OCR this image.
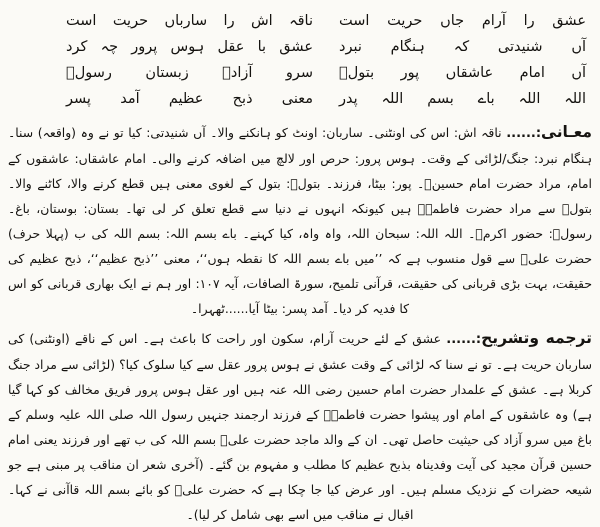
عشق را آرام جاں حریت است
ناقہ اش را سارباں حریت است
آں شنیدتی کہ ہنگام نبرد
عشق با عقل ہوس پرور چہ کرد
آں امام عاشقاں پور بتولؓ
سرو آزادے زبستان رسولؐ
اللہ اللہ باے بسم اللہ پدر
معنی ذبح عظیم آمد پسر

معـانی:...... ناقہ اش: اس کی اونٹنی۔ ساربان: اونٹ کو ہانکنے والا۔ آں شنیدتی: کیا تو نے وہ (واقعہ) سنا۔ ہنگام نبرد: جنگ/لڑائی کے وقت۔ ہوس پرور: حرص اور لالچ میں اضافہ کرنے والی۔ امام عاشقاں: عاشقوں کے امام، مراد حضرت امام حسینؓ۔ پور: بیٹا، فرزند۔ بتولؓ: بتول کے لغوی معنی ہیں قطع کرنے والا، کاٹنے والا۔ بتولؓ سے مراد حضرت فاطمہؓ ہیں کیونکہ انہوں نے دنیا سے قطع تعلق کر لی تھا۔ بستان: بوستان، باغ۔ رسولؐ: حضور اکرمؐ۔ اللہ اللہ: سبحان اللہ، واہ واہ، کیا کہنے۔ باے بسم اللہ: بسم اللہ کی ب (پہلا حرف) حضرت علیؓ سے قول منسوب ہے کہ ’’میں باے بسم اللہ کا نقطہ ہوں‘‘، معنی ’’ذبح عظیم‘‘، ذبح عظیم کی حقیقت، بہت بڑی قربانی کی حقیقت، قرآنی تلمیح، سورۃ الصافات، آیہ ۱۰۷: اور ہم نے ایک بھاری قربانی کو اس کا فدیہ کر دیا۔ آمد پسر: بیٹا آیا......ٹھہرا۔

ترجمه وتشریح:...... عشق کے لئے حریت آرام، سکون اور راحت کا باعث ہے۔ اس کے ناقے (اونٹنی) کی ساربان حریت ہے۔ تو نے سنا کہ لڑائی کے وقت عشق نے ہوس پرور عقل سے کیا سلوک کیا؟ (لڑائی سے مراد جنگ کربلا ہے۔ عشق کے علمدار حضرت امام حسین رضی اللہ عنہ ہیں اور عقل ہوس پرور فریق مخالف کو کہا گیا ہے) وہ عاشقوں کے امام اور پیشوا حضرت فاطمہؓ کے فرزند ارجمند جنہیں رسول اللہ صلی اللہ علیہ وسلم کے باغ میں سرو آزاد کی حیثیت حاصل تھی۔ ان کے والد ماجد حضرت علیؓ بسم اللہ کی ب تھے اور فرزند یعنی امام حسین قرآن مجید کی آیت وفدیناہ بذبح عظیم کا مطلب و مفہوم بن گئے۔ (آخری شعر ان مناقب پر مبنی ہے جو شیعہ حضرات کے نزدیک مسلم ہیں۔ اور عرض کیا جا چکا ہے کہ حضرت علیؓ کو بائے بسم اللہ قاآنی نے کہا۔ اقبال نے مناقب میں اسے بھی شامل کر لیا)۔
